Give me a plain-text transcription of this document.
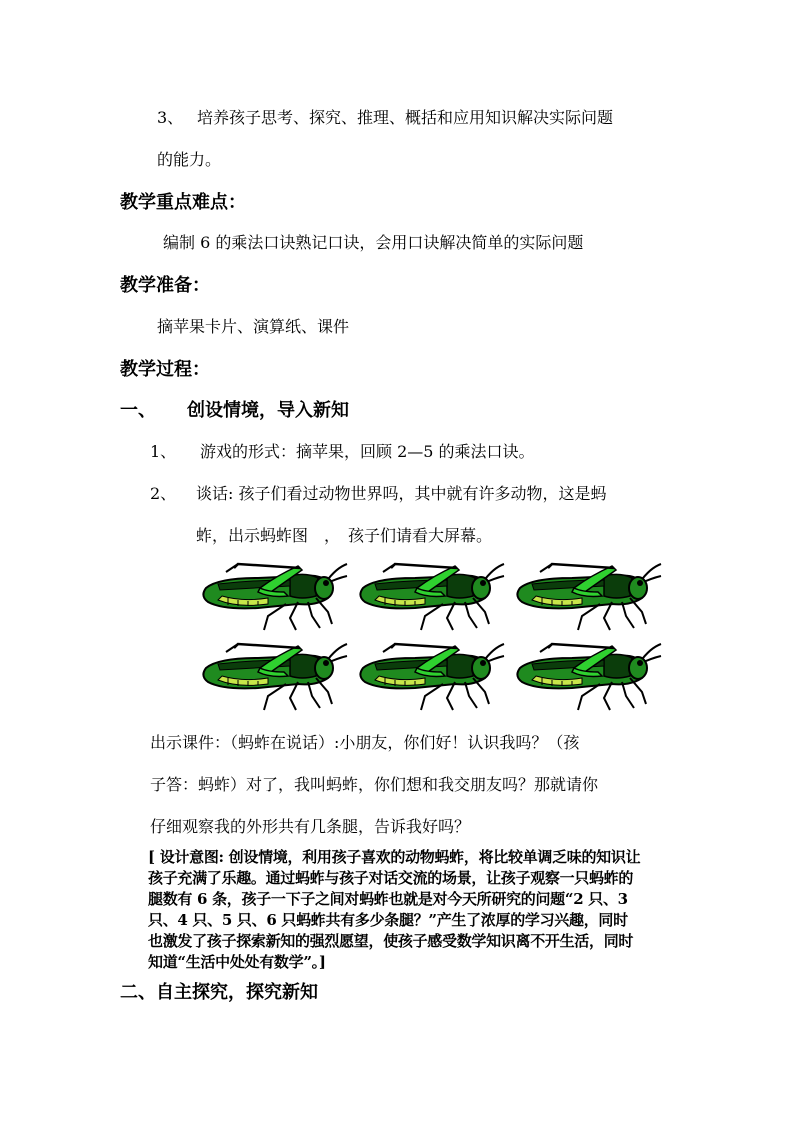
3、 培养孩子思考、探究、推理、概括和应用知识解决实际问题
的能力。
教学重点难点：
编制 6 的乘法口诀熟记口诀，会用口诀解决简单的实际问题
教学准备：
摘苹果卡片、演算纸、课件
教学过程：
一、 创设情境，导入新知
1、 游戏的形式：摘苹果，回顾 2—5 的乘法口诀。
2、 谈话: 孩子们看过动物世界吗，其中就有许多动物，这是蚂
蚱，出示蚂蚱图　，　孩子们请看大屏幕。
出示课件：（蚂蚱在说话）:小朋友，你们好！认识我吗？（孩
子答：蚂蚱）对了，我叫蚂蚱，你们想和我交朋友吗？那就请你
仔细观察我的外形共有几条腿，告诉我好吗？
[ 设计意图: 创设情境，利用孩子喜欢的动物蚂蚱，将比较单调乏味的知识让
孩子充满了乐趣。通过蚂蚱与孩子对话交流的场景，让孩子观察一只蚂蚱的
腿数有 6 条，孩子一下子之间对蚂蚱也就是对今天所研究的问题“2 只、3
只、4 只、5 只、6 只蚂蚱共有多少条腿？”产生了浓厚的学习兴趣，同时
也激发了孩子探索新知的强烈愿望，使孩子感受数学知识离不开生活，同时
知道“生活中处处有数学”。]
二、自主探究，探究新知
